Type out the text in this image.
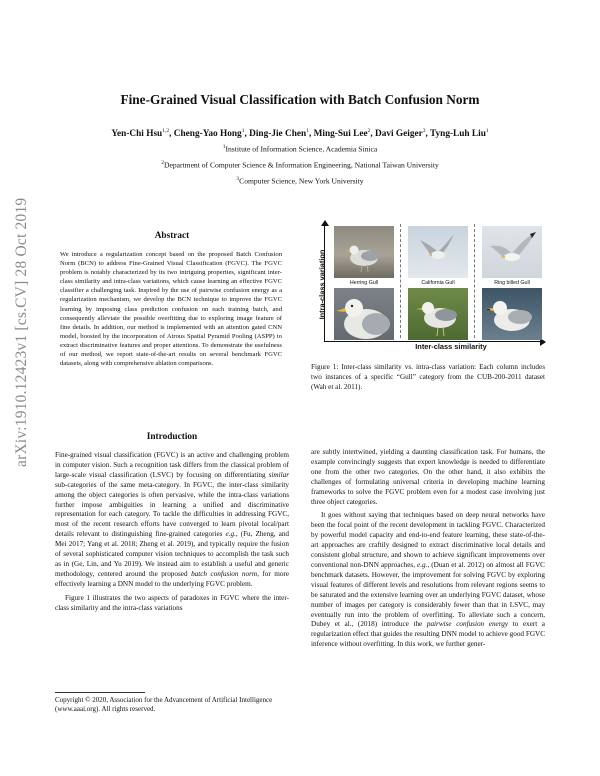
arXiv:1910.12423v1 [cs.CV] 28 Oct 2019
Fine-Grained Visual Classification with Batch Confusion Norm
Yen-Chi Hsu$^{1,2}$, Cheng-Yao Hong$^1$, Ding-Jie Chen$^1$, Ming-Sui Lee$^2$, Davi Geiger$^3$, Tyng-Luh Liu$^1$
$^1$Institute of Information Science, Academia Sinica
$^2$Department of Computer Science & Information Engineering, National Taiwan University
$^3$Computer Science, New York University
Abstract
We introduce a regularization concept based on the proposed Batch Confusion Norm (BCN) to address Fine-Grained Visual Classification (FGVC). The FGVC problem is notably characterized by its two intriguing properties, significant inter-class similarity and intra-class variations, which cause learning an effective FGVC classifier a challenging task. Inspired by the use of pairwise confusion energy as a regularization mechanism, we develop the BCN technique to improve the FGVC learning by imposing class prediction confusion on each training batch, and consequently alleviate the possible overfitting due to exploring image feature of fine details. In addition, our method is implemented with an attention gated CNN model, boosted by the incorporation of Atrous Spatial Pyramid Pooling (ASPP) to extract discriminative features and proper attentions. To demonstrate the usefulness of our method, we report state-of-the-art results on several benchmark FGVC datasets, along with comprehensive ablation comparisons.
Intra-class variation
Inter-class similarity
Herring Gull	California Gull	Ring billed Gull
Figure 1: Inter-class similarity vs. intra-class variation: Each column includes two instances of a specific “Gull” category from the CUB-200-2011 dataset (Wah et al. 2011).
Introduction

Fine-grained visual classification (FGVC) is an active and challenging problem in computer vision. Such a recognition task differs from the classical problem of large-scale visual classification (LSVC) by focusing on differentiating similar sub-categories of the same meta-category. In FGVC, the inter-class similarity among the object categories is often pervasive, while the intra-class variations further impose ambiguities in learning a unified and discriminative representation for each category. To tackle the difficulties in addressing FGVC, most of the recent research efforts have converged to learn pivotal local/part details relevant to distinguishing fine-grained categories e.g., (Fu, Zheng, and Mei 2017; Yang et al. 2018; Zheng et al. 2019), and typically require the fusion of several sophisticated computer vision techniques to accomplish the task such as in (Ge, Lin, and Yu 2019). We instead aim to establish a useful and generic methodology, centered around the proposed batch confusion norm, for more effectively learning a DNN model to the underlying FGVC problem.

Figure 1 illustrates the two aspects of paradoxes in FGVC where the inter-class similarity and the intra-class variations

are subtly intertwined, yielding a daunting classification task. For humans, the example convincingly suggests that expert knowledge is needed to differentiate one from the other two categories. On the other hand, it also exhibits the challenges of formulating universal criteria in developing machine learning frameworks to solve the FGVC problem even for a modest case involving just three object categories.

It goes without saying that techniques based on deep neural networks have been the focal point of the recent development in tackling FGVC. Characterized by powerful model capacity and end-to-end feature learning, these state-of-the-art approaches are craftily designed to extract discriminative local details and consistent global structure, and shown to achieve significant improvements over conventional non-DNN approaches, e.g., (Duan et al. 2012) on almost all FGVC benchmark datasets. However, the improvement for solving FGVC by exploring visual features of different levels and resolutions from relevant regions seems to be saturated and the extensive learning over an underlying FGVC dataset, whose number of images per category is considerably fewer than that in LSVC, may eventually run into the problem of overfitting. To alleviate such a concern, Dubey et al., (2018) introduce the pairwise confusion energy to exert a regularization effect that guides the resulting DNN model to achieve good FGVC inference without overfitting. In this work, we further gener-

Copyright © 2020, Association for the Advancement of Artificial Intelligence (www.aaai.org). All rights reserved.
